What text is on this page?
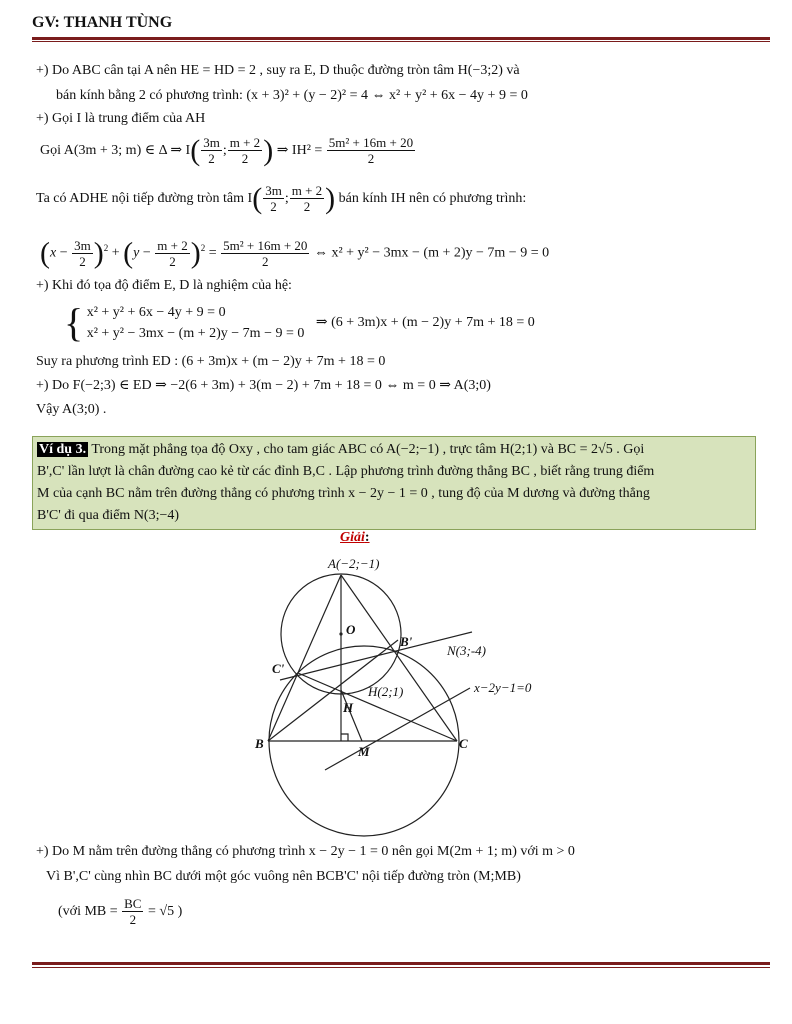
GV: THANH TÙNG
+) Do ABC cân tại A nên HE = HD = 2 , suy ra E, D thuộc đường tròn tâm H(−3;2) và
bán kính bằng 2 có phương trình: (x + 3)² + (y − 2)² = 4 ⇔ x² + y² + 6x − 4y + 9 = 0
+) Gọi I là trung điểm của AH
Gọi A(3m + 3; m) ∈ Δ ⇒ $I( \frac{3m}{2}$ ; $\frac{m + 2}{2}$ ) ⇒ $IH^2 = \frac{\text{5m² + 16m + 20}}{2}$
Ta có ADHE nội tiếp đường tròn tâm $I( \frac{3m}{2}$ ; $\frac{m + 2}{2}$ ) bán kính IH nên có phương trình:
$(x - \frac{3m}{2} )^2 + (y - \frac{m + 2}{2} )^2 = \frac{\text{5m² + 16m + 20}}{2}$ ⇔ x² + y² − 3mx − (m + 2)y − 7m − 9 = 0
+) Khi đó tọa độ điểm E, D là nghiệm của hệ:
{ x² + y² + 6x − 4y + 9 = 0
x² + y² − 3mx − (m + 2)y − 7m − 9 = 0
⇒ (6 + 3m)x + (m − 2)y + 7m + 18 = 0
Suy ra phương trình ED : (6 + 3m)x + (m − 2)y + 7m + 18 = 0
+) Do F(−2;3) ∈ ED ⇒ −2(6 + 3m) + 3(m − 2) + 7m + 18 = 0 ⇔ m = 0 ⇒ A(3;0)
Vậy A(3;0) .
Ví dụ 3. Trong mặt phẳng tọa độ Oxy , cho tam giác ABC có A(−2;−1) , trực tâm H(2;1) và BC = 2√5 . Gọi
B',C' lần lượt là chân đường cao kẻ từ các đỉnh B,C . Lập phương trình đường thẳng BC , biết rằng trung điểm
M của cạnh BC nằm trên đường thẳng có phương trình x − 2y − 1 = 0 , tung độ của M dương và đường thẳng
B'C' đi qua điểm N(3;−4)
Giải:
A(−2;−1)
O
B'
N(3;-4)
C'
H(2;1)	x−2y−1=0
H
B
M
C
+) Do M nằm trên đường thẳng có phương trình x − 2y − 1 = 0 nên gọi M(2m + 1; m) với m > 0
Vì B',C' cùng nhìn BC dưới một góc vuông nên BCB'C' nội tiếp đường tròn (M;MB)
(với MB = $\frac{BC}{2} = √5$ )
